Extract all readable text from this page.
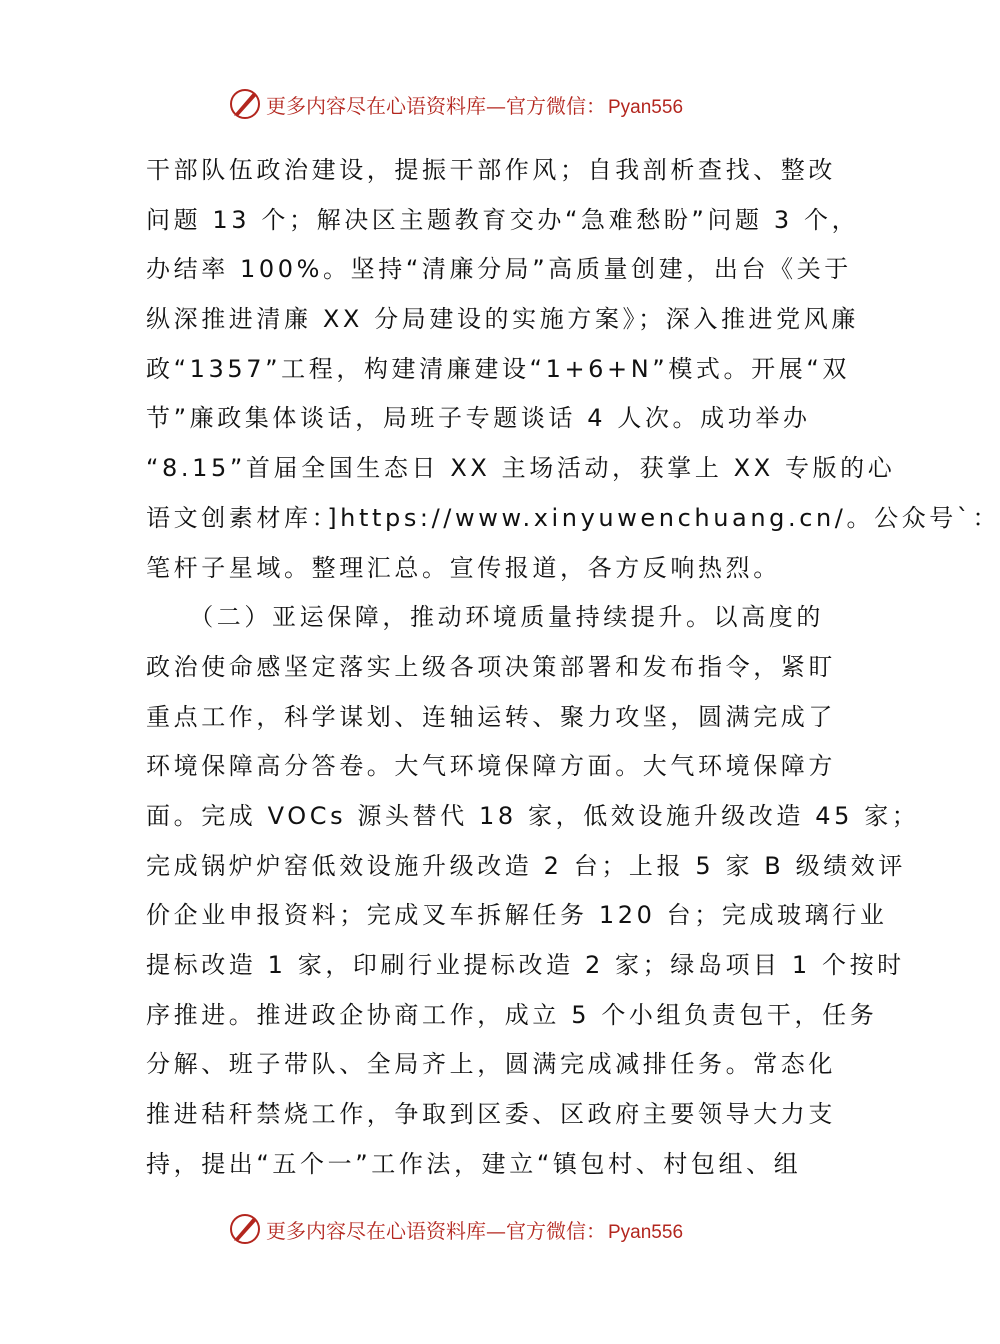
更多内容尽在心语资料库—官方微信： Pyan556
干部队伍政治建设，提振干部作风；自我剖析查找、整改
问题 13 个；解决区主题教育交办“急难愁盼”问题 3 个，
办结率 100%。坚持“清廉分局”高质量创建，出台《关于
纵深推进清廉 XX 分局建设的实施方案》；深入推进党风廉
政“1357”工程，构建清廉建设“1+6+N”模式。开展“双
节”廉政集体谈话，局班子专题谈话 4 人次。成功举办
“8.15”首届全国生态日 XX 主场活动，获掌上 XX 专版的心
语文创素材库：]https://www.xinyuwenchuang.cn/。公众号`：
笔杆子星域。整理汇总。宣传报道，各方反响热烈。
　　（二）亚运保障，推动环境质量持续提升。以高度的
政治使命感坚定落实上级各项决策部署和发布指令，紧盯
重点工作，科学谋划、连轴运转、聚力攻坚，圆满完成了
环境保障高分答卷。大气环境保障方面。大气环境保障方
面。完成 VOCs 源头替代 18 家，低效设施升级改造 45 家；
完成锅炉炉窑低效设施升级改造 2 台；上报 5 家 B 级绩效评
价企业申报资料；完成叉车拆解任务 120 台；完成玻璃行业
提标改造 1 家，印刷行业提标改造 2 家；绿岛项目 1 个按时
序推进。推进政企协商工作，成立 5 个小组负责包干，任务
分解、班子带队、全局齐上，圆满完成减排任务。常态化
推进秸秆禁烧工作，争取到区委、区政府主要领导大力支
持，提出“五个一”工作法，建立“镇包村、村包组、组
更多内容尽在心语资料库—官方微信： Pyan556
